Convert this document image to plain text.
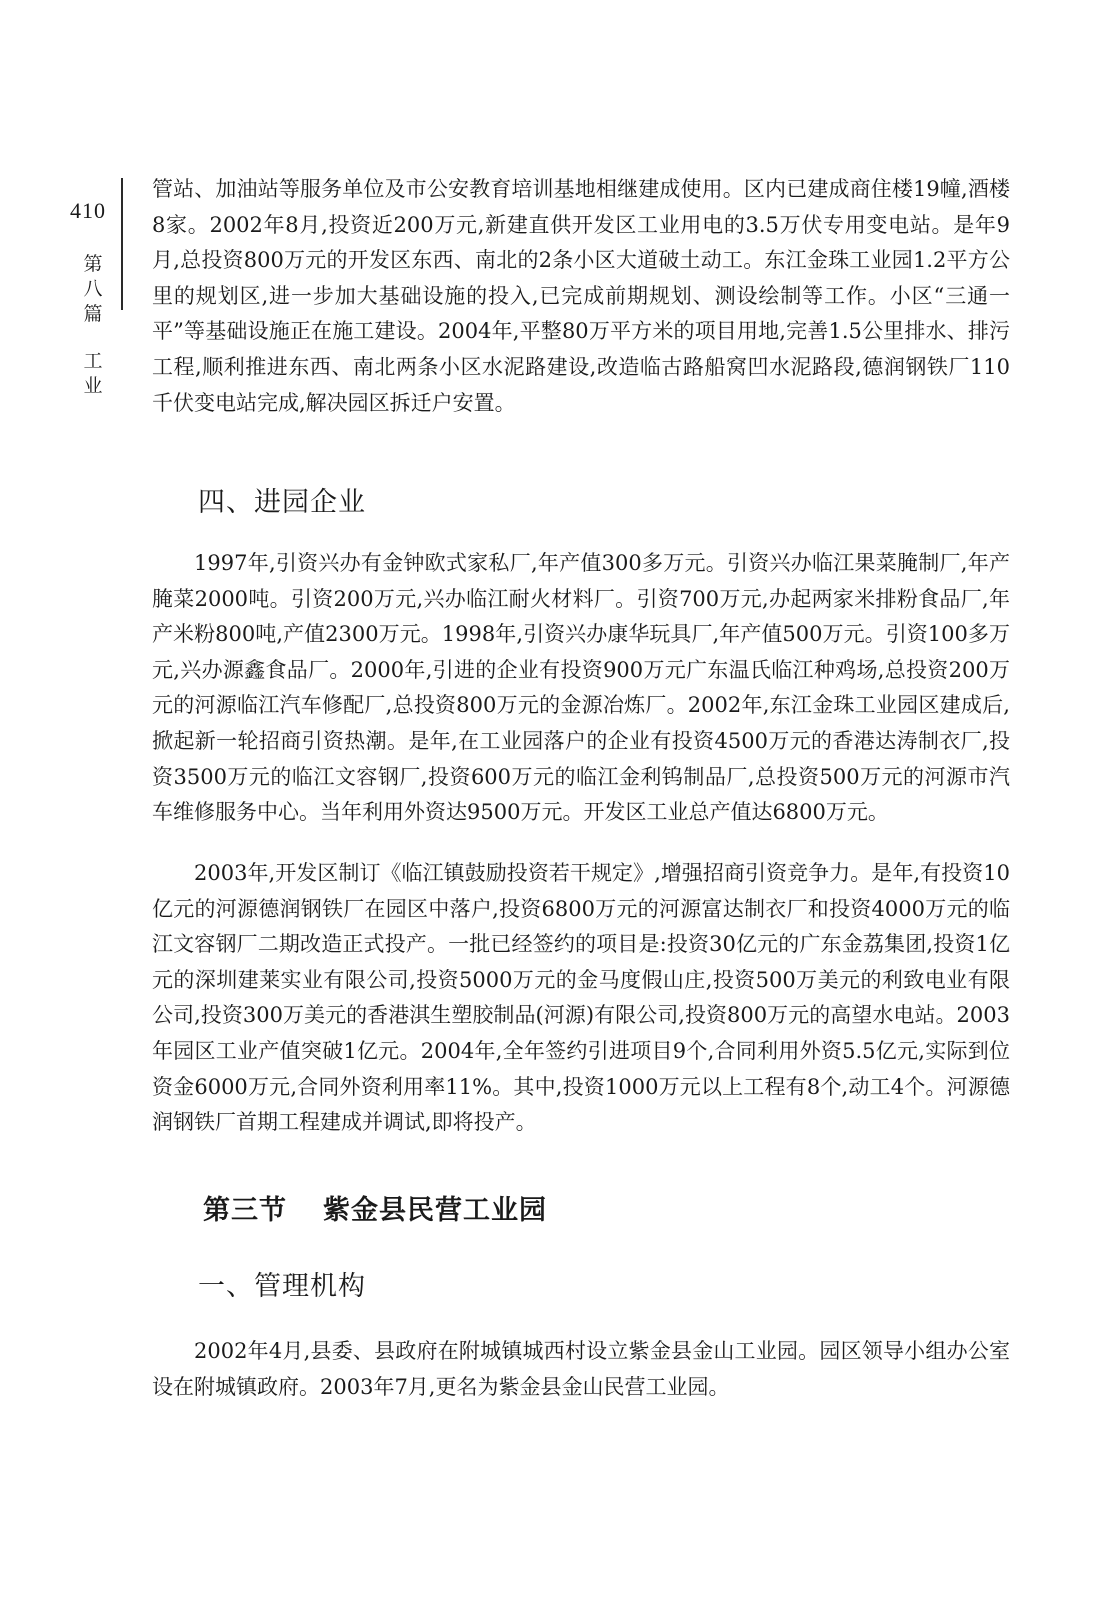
410
第
八
篇
工
业

管站、加油站等服务单位及市公安教育培训基地相继建成使用。区内已建成商住楼19幢,酒楼8家。2002年8月,投资近200万元,新建直供开发区工业用电的3.5万伏专用变电站。是年9月,总投资800万元的开发区东西、南北的2条小区大道破土动工。东江金珠工业园1.2平方公里的规划区,进一步加大基础设施的投入,已完成前期规划、测设绘制等工作。小区“三通一平”等基础设施正在施工建设。2004年,平整80万平方米的项目用地,完善1.5公里排水、排污工程,顺利推进东西、南北两条小区水泥路建设,改造临古路船窝凹水泥路段,德润钢铁厂110千伏变电站完成,解决园区拆迁户安置。

四、进园企业

1997年,引资兴办有金钟欧式家私厂,年产值300多万元。引资兴办临江果菜腌制厂,年产腌菜2000吨。引资200万元,兴办临江耐火材料厂。引资700万元,办起两家米排粉食品厂,年产米粉800吨,产值2300万元。1998年,引资兴办康华玩具厂,年产值500万元。引资100多万元,兴办源鑫食品厂。2000年,引进的企业有投资900万元广东温氏临江种鸡场,总投资200万元的河源临江汽车修配厂,总投资800万元的金源冶炼厂。2002年,东江金珠工业园区建成后,掀起新一轮招商引资热潮。是年,在工业园落户的企业有投资4500万元的香港达涛制衣厂,投资3500万元的临江文容钢厂,投资600万元的临江金利钨制品厂,总投资500万元的河源市汽车维修服务中心。当年利用外资达9500万元。开发区工业总产值达6800万元。

2003年,开发区制订《临江镇鼓励投资若干规定》,增强招商引资竞争力。是年,有投资10亿元的河源德润钢铁厂在园区中落户,投资6800万元的河源富达制衣厂和投资4000万元的临江文容钢厂二期改造正式投产。一批已经签约的项目是:投资30亿元的广东金荔集团,投资1亿元的深圳建莱实业有限公司,投资5000万元的金马度假山庄,投资500万美元的利致电业有限公司,投资300万美元的香港淇生塑胶制品(河源)有限公司,投资800万元的高望水电站。2003年园区工业产值突破1亿元。2004年,全年签约引进项目9个,合同利用外资5.5亿元,实际到位资金6000万元,合同外资利用率11%。其中,投资1000万元以上工程有8个,动工4个。河源德润钢铁厂首期工程建成并调试,即将投产。

第三节 紫金县民营工业园
一、管理机构

2002年4月,县委、县政府在附城镇城西村设立紫金县金山工业园。园区领导小组办公室设在附城镇政府。2003年7月,更名为紫金县金山民营工业园。
